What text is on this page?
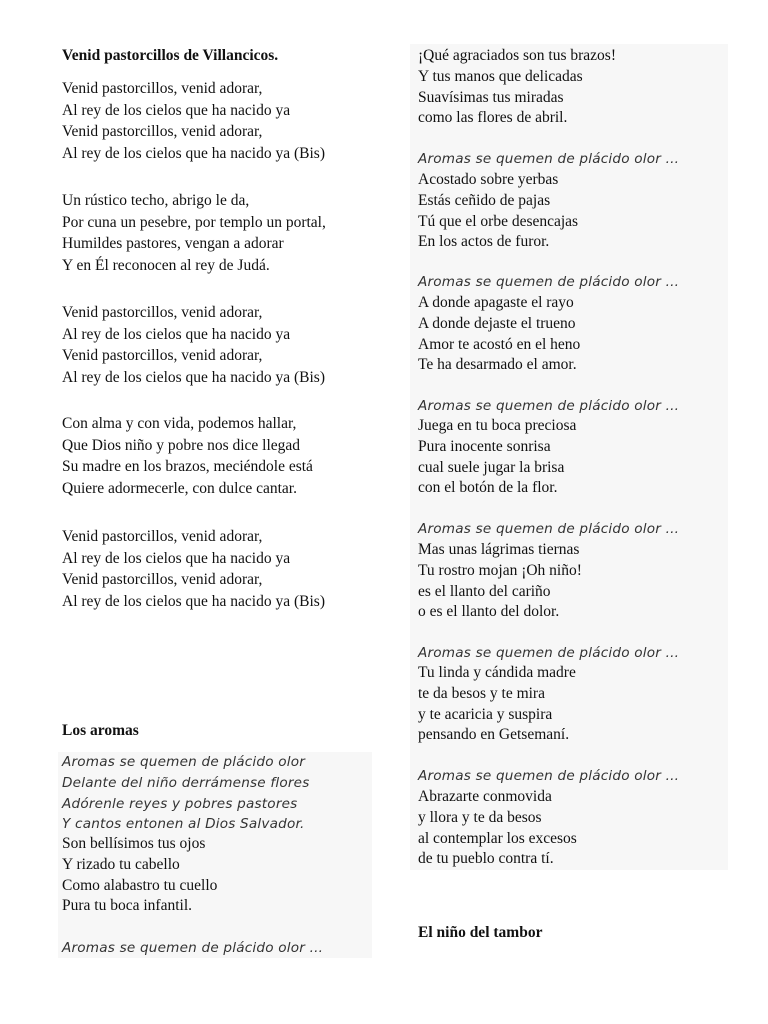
Venid pastorcillos de Villancicos.
Venid pastorcillos, venid adorar,
Al rey de los cielos que ha nacido ya
Venid pastorcillos, venid adorar,
Al rey de los cielos que ha nacido ya (Bis)
Un rústico techo, abrigo le da,
Por cuna un pesebre, por templo un portal,
Humildes pastores, vengan a adorar
Y en Él reconocen al rey de Judá.
Venid pastorcillos, venid adorar,
Al rey de los cielos que ha nacido ya
Venid pastorcillos, venid adorar,
Al rey de los cielos que ha nacido ya (Bis)
Con alma y con vida, podemos hallar,
Que Dios niño y pobre nos dice llegad
Su madre en los brazos, meciéndole está
Quiere adormecerle, con dulce cantar.
Venid pastorcillos, venid adorar,
Al rey de los cielos que ha nacido ya
Venid pastorcillos, venid adorar,
Al rey de los cielos que ha nacido ya (Bis)
Los aromas
Aromas se quemen de plácido olor
Delante del niño derrámense flores
Adórenle reyes y pobres pastores
Y cantos entonen al Dios Salvador.
Son bellísimos tus ojos
Y rizado tu cabello
Como alabastro tu cuello
Pura tu boca infantil.
Aromas se quemen de plácido olor ...
¡Qué agraciados son tus brazos!
Y tus manos que delicadas
Suavísimas tus miradas
como las flores de abril.
Aromas se quemen de plácido olor ...
Acostado sobre yerbas
Estás ceñido de pajas
Tú que el orbe desencajas
En los actos de furor.
Aromas se quemen de plácido olor ...
A donde apagaste el rayo
A donde dejaste el trueno
Amor te acostó en el heno
Te ha desarmado el amor.
Aromas se quemen de plácido olor ...
Juega en tu boca preciosa
Pura inocente sonrisa
cual suele jugar la brisa
con el botón de la flor.
Aromas se quemen de plácido olor ...
Mas unas lágrimas tiernas
Tu rostro mojan ¡Oh niño!
es el llanto del cariño
o es el llanto del dolor.
Aromas se quemen de plácido olor ...
Tu linda y cándida madre
te da besos y te mira
y te acaricia y suspira
pensando en Getsemaní.
Aromas se quemen de plácido olor ...
Abrazarte conmovida
y llora y te da besos
al contemplar los excesos
de tu pueblo contra tí.
El niño del tambor
